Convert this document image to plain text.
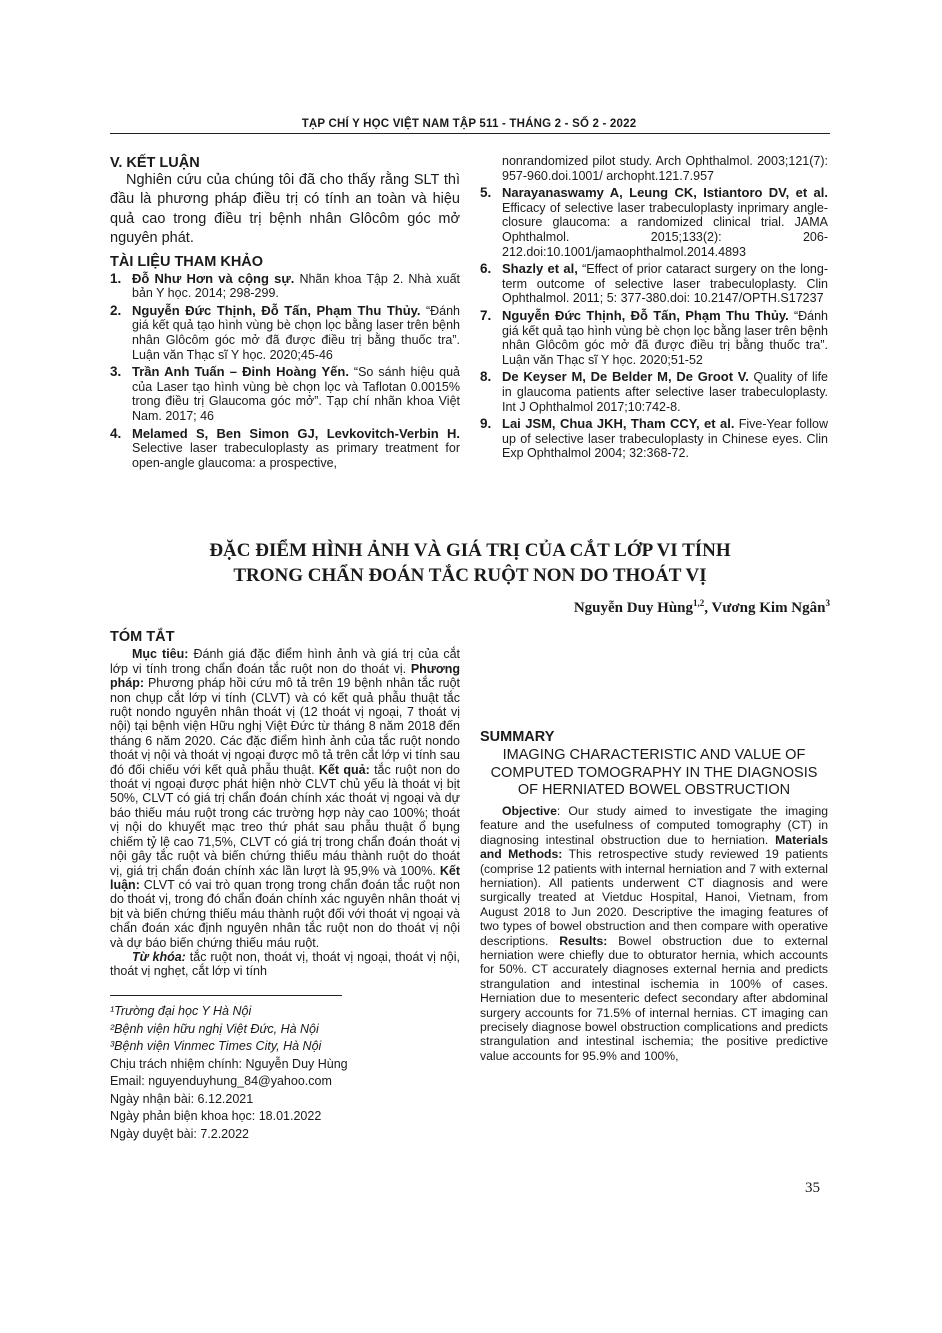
TẠP CHÍ Y HỌC VIỆT NAM TẬP 511 - THÁNG 2 - SỐ 2 - 2022

V. KẾT LUẬN

Nghiên cứu của chúng tôi đã cho thấy rằng SLT thì đầu là phương pháp điều trị có tính an toàn và hiệu quả cao trong điều trị bệnh nhân Glôcôm góc mở nguyên phát.

TÀI LIỆU THAM KHẢO

1. Đỗ Như Hơn và cộng sự. Nhãn khoa Tập 2. Nhà xuất bản Y học. 2014; 298-299.
2. Nguyễn Đức Thịnh, Đỗ Tấn, Phạm Thu Thủy. “Đánh giá kết quả tạo hình vùng bè chọn lọc bằng laser trên bệnh nhân Glôcôm góc mở đã được điều trị bằng thuốc tra”. Luận văn Thạc sĩ Y học. 2020;45-46
3. Trần Anh Tuấn – Đinh Hoàng Yến. “So sánh hiệu quả của Laser tạo hình vùng bè chọn lọc và Taflotan 0.0015% trong điều trị Glaucoma góc mở”. Tạp chí nhãn khoa Việt Nam. 2017; 46
4. Melamed S, Ben Simon GJ, Levkovitch-Verbin H. Selective laser trabeculoplasty as primary treatment for open-angle glaucoma: a prospective,

nonrandomized pilot study. Arch Ophthalmol. 2003;121(7): 957-960.doi.1001/ archopht.121.7.957

5. Narayanaswamy A, Leung CK, Istiantoro DV, et al. Efficacy of selective laser trabeculoplasty inprimary angle-closure glaucoma: a randomized clinical trial. JAMA Ophthalmol. 2015;133(2): 206-212.doi:10.1001/jamaophthalmol.2014.4893
6. Shazly et al, “Effect of prior cataract surgery on the long-term outcome of selective laser trabeculoplasty. Clin Ophthalmol. 2011; 5: 377-380.doi: 10.2147/OPTH.S17237
7. Nguyễn Đức Thịnh, Đỗ Tấn, Phạm Thu Thủy. “Đánh giá kết quả tạo hình vùng bè chọn lọc bằng laser trên bệnh nhân Glôcôm góc mở đã được điều trị bằng thuốc tra”. Luận văn Thạc sĩ Y học. 2020;51-52
8. De Keyser M, De Belder M, De Groot V. Quality of life in glaucoma patients after selective laser trabeculoplasty. Int J Ophthalmol 2017;10:742-8.
9. Lai JSM, Chua JKH, Tham CCY, et al. Five-Year follow up of selective laser trabeculoplasty in Chinese eyes. Clin Exp Ophthalmol 2004; 32:368-72.
ĐẶC ĐIỂM HÌNH ẢNH VÀ GIÁ TRỊ CỦA CẮT LỚP VI TÍNH
TRONG CHẨN ĐOÁN TẮC RUỘT NON DO THOÁT VỊ
Nguyễn Duy Hùng$^{1,2}$, Vương Kim Ngân$^3$

TÓM TẮT

Mục tiêu: Đánh giá đặc điểm hình ảnh và giá trị của cắt lớp vi tính trong chẩn đoán tắc ruột non do thoát vị. Phương pháp: Phương pháp hồi cứu mô tả trên 19 bệnh nhân tắc ruột non chụp cắt lớp vi tính (CLVT) và có kết quả phẫu thuật tắc ruột nondo nguyên nhân thoát vị (12 thoát vị ngoại, 7 thoát vị nội) tại bệnh viện Hữu nghị Việt Đức từ tháng 8 năm 2018 đến tháng 6 năm 2020. Các đặc điểm hình ảnh của tắc ruột nondo thoát vị nội và thoát vị ngoại được mô tả trên cắt lớp vi tính sau đó đối chiếu với kết quả phẫu thuật. Kết quả: tắc ruột non do thoát vị ngoại được phát hiện nhờ CLVT chủ yếu là thoát vị bịt 50%, CLVT có giá trị chẩn đoán chính xác thoát vị ngoại và dự báo thiếu máu ruột trong các trường hợp này cao 100%; thoát vị nội do khuyết mạc treo thứ phát sau phẫu thuật ổ bụng chiếm tỷ lệ cao 71,5%, CLVT có giá trị trong chẩn đoán thoát vị nội gây tắc ruột và biến chứng thiếu máu thành ruột do thoát vị, giá trị chẩn đoán chính xác lần lượt là 95,9% và 100%. Kết luận: CLVT có vai trò quan trọng trong chẩn đoán tắc ruột non do thoát vị, trong đó chẩn đoán chính xác nguyên nhân thoát vị bịt và biến chứng thiếu máu thành ruột đối với thoát vị ngoại và chẩn đoán xác định nguyên nhân tắc ruột non do thoát vị nội và dự báo biến chứng thiếu máu ruột.

Từ khóa: tắc ruột non, thoát vị, thoát vị ngoại, thoát vị nội, thoát vị nghẹt, cắt lớp vi tính

¹Trường đại học Y Hà Nội
²Bệnh viện hữu nghị Việt Đức, Hà Nội
³Bệnh viện Vinmec Times City, Hà Nội
Chịu trách nhiệm chính: Nguyễn Duy Hùng
Email: nguyenduyhung_84@yahoo.com
Ngày nhận bài: 6.12.2021
Ngày phản biện khoa học: 18.01.2022
Ngày duyệt bài: 7.2.2022

SUMMARY

IMAGING CHARACTERISTIC AND VALUE OF
COMPUTED TOMOGRAPHY IN THE DIAGNOSIS
OF HERNIATED BOWEL OBSTRUCTION

Objective: Our study aimed to investigate the imaging feature and the usefulness of computed tomography (CT) in diagnosing intestinal obstruction due to herniation. Materials and Methods: This retrospective study reviewed 19 patients (comprise 12 patients with internal herniation and 7 with external herniation). All patients underwent CT diagnosis and were surgically treated at Vietduc Hospital, Hanoi, Vietnam, from August 2018 to Jun 2020. Descriptive the imaging features of two types of bowel obstruction and then compare with operative descriptions. Results: Bowel obstruction due to external herniation were chiefly due to obturator hernia, which accounts for 50%. CT accurately diagnoses external hernia and predicts strangulation and intestinal ischemia in 100% of cases. Herniation due to mesenteric defect secondary after abdominal surgery accounts for 71.5% of internal hernias. CT imaging can precisely diagnose bowel obstruction complications and predicts strangulation and intestinal ischemia; the positive predictive value accounts for 95.9% and 100%,

35
